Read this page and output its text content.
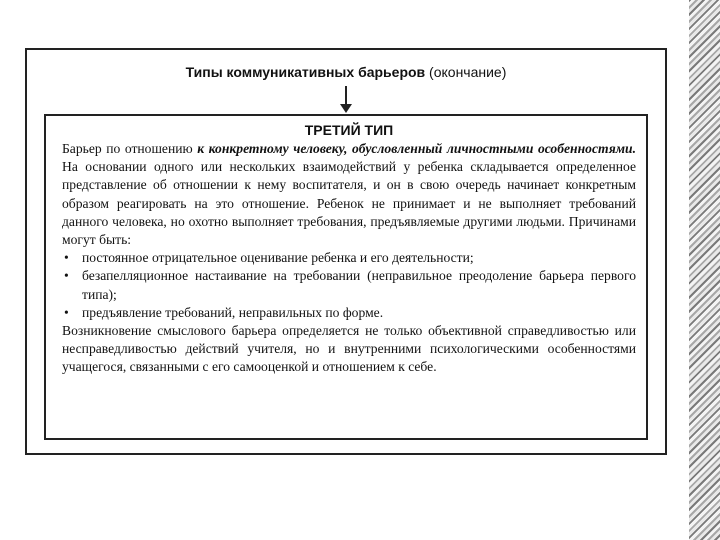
Типы коммуникативных барьеров (окончание)
ТРЕТИЙ ТИП

Барьер по отношению к конкретному человеку, обусловленный личностными особенностями. На основании одного или нескольких взаимодействий у ребенка складывается определенное представление об отношении к нему воспитателя, и он в свою очередь начинает конкретным образом реагировать на это отношение. Ребенок не принимает и не выполняет требований данного человека, но охотно выполняет требования, предъявляемые другими людьми. Причинами могут быть:

• постоянное отрицательное оценивание ребенка и его деятельности;
• безапелляционное настаивание на требовании (неправильное преодоление барьера первого типа);
• предъявление требований, неправильных по форме.

Возникновение смыслового барьера определяется не только объективной справедливостью или несправедливостью действий учителя, но и внутренними психологическими особенностями учащегося, связанными с его самооценкой и отношением к себе.
